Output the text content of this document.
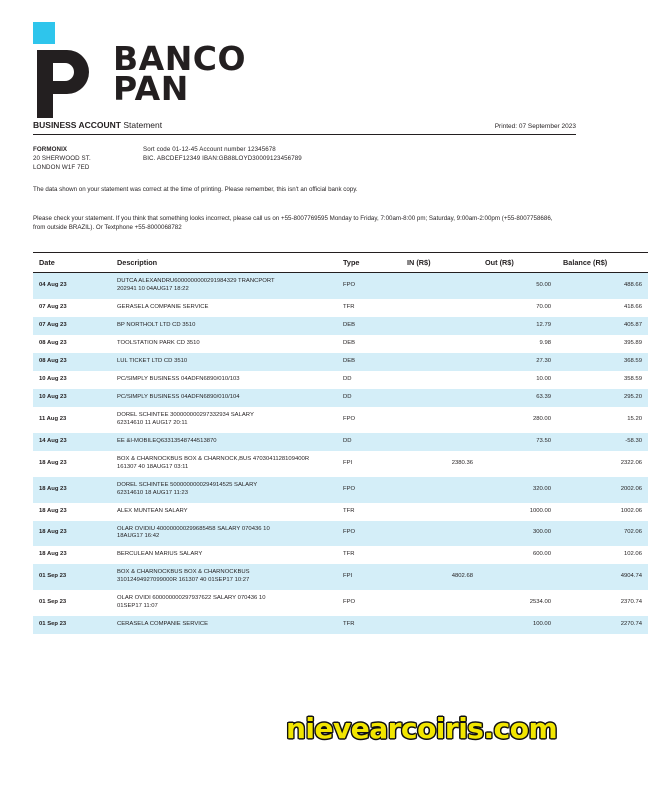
BANCO
PAN
BUSINESS ACCOUNT Statement	Printed: 07 September 2023
FORMONIX
20 SHERWOOD ST.
LONDON W1F 7ED
Sort code 01-12-45 Account number 12345678
BIC. ABCDEF12349 IBAN:GB88LOYD30009123456789
The data shown on your statement was correct at the time of printing. Please remember, this isn't an official bank copy.
Please check your statement. If you think that something looks incorrect, please call us on +55-8007769595 Monday to Friday, 7:00am-8:00 pm; Saturday, 9:00am-2:00pm (+55-8007758686, from outside BRAZIL). Or Textphone +55-8000068782
Date	Description	Type	IN (R$)	Out (R$)	Balance (R$)
04 Aug 23	DUTCA ALEXANDRU6000000000291984329 TRANCPORT
202941 10 04AUG17 18:22	FPO		50.00	488.66
07 Aug 23	GERASELA COMPANIE SERVICE	TFR		70.00	418.66
07 Aug 23	BP NORTHOLT LTD CD 3510	DEB		12.79	405.87
08 Aug 23	TOOLSTATION PARK CD 3510	DEB		9.98	395.89
08 Aug 23	LUL TICKET LTD CD 3510	DEB		27.30	368.59
10 Aug 23	PC/SIMPLY BUSINESS 04ADFN6890/010/103	DD		10.00	358.59
10 Aug 23	PC/SIMPLY BUSINESS 04ADFN6890/010/104	DD		63.39	295.20
11 Aug 23	DOREL SCHINTEE 300000000297332934 SALARY
62314610 11 AUG17 20:11	FPO		280.00	15.20
14 Aug 23	EE &I-MOBILEQ63313548744513870	DD		73.50	-58.30
18 Aug 23	BOX & CHARNOCKBUS BOX & CHARNOCK,BUS 4703041128109400R
161307 40 18AUG17 03:11	FPI	2380.36		2322.06
18 Aug 23	DOREL SCHINTEE 5000000000294914525 SALARY
62314610 18 AUG17 11:23	FPO		320.00	2002.06
18 Aug 23	ALEX MUNTEAN SALARY	TFR		1000.00	1002.06
18 Aug 23	OLAR OVIDIU 400000000299685458 SALARY 070436 10
18AUG17 16:42	FPO		300.00	702.06
18 Aug 23	BERCULEAN MARIUS SALARY	TFR		600.00	102.06
01 Sep 23	BOX & CHARNOCKBUS BOX & CHARNOCKBUS
31012494927099000R 161307 40 01SEP17 10:27	FPI	4802.68		4904.74
01 Sep 23	OLAR OVIDI 600000000297937622 SALARY 070436 10
01SEP17 11:07	FPO		2534.00	2370.74
01 Sep 23	CERASELA COMPANIE SERVICE	TFR		100.00	2270.74
nievearcoiris.com
